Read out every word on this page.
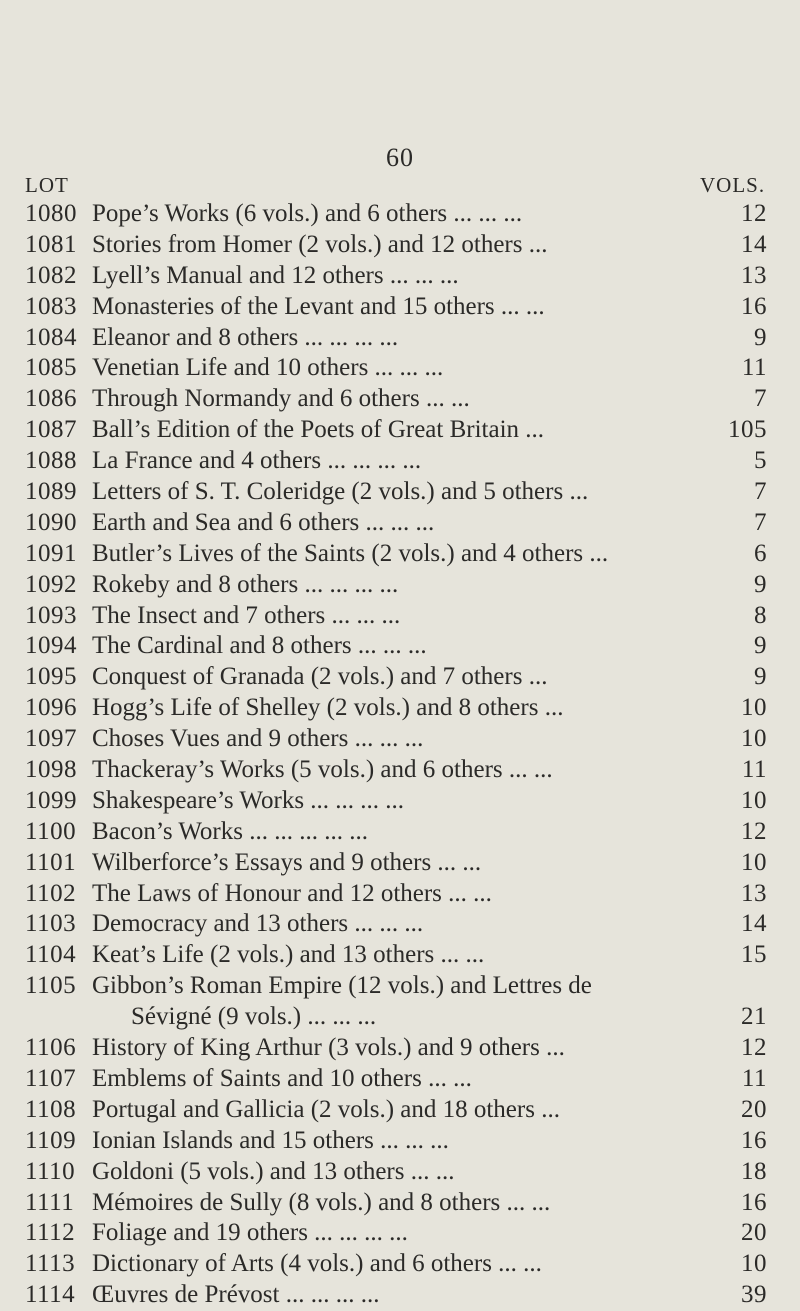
60
LOT	VOLS.
1080 Pope’s Works (6 vols.) and 6 others ... ... ...	12
1081 Stories from Homer (2 vols.) and 12 others ...	14
1082 Lyell’s Manual and 12 others ... ... ...	13
1083 Monasteries of the Levant and 15 others ... ...	16
1084 Eleanor and 8 others ... ... ... ...	9
1085 Venetian Life and 10 others ... ... ...	11
1086 Through Normandy and 6 others ... ...	7
1087 Ball’s Edition of the Poets of Great Britain ...	105
1088 La France and 4 others ... ... ... ...	5
1089 Letters of S. T. Coleridge (2 vols.) and 5 others ...	7
1090 Earth and Sea and 6 others ... ... ...	7
1091 Butler’s Lives of the Saints (2 vols.) and 4 others ...	6
1092 Rokeby and 8 others ... ... ... ...	9
1093 The Insect and 7 others ... ... ...	8
1094 The Cardinal and 8 others ... ... ...	9
1095 Conquest of Granada (2 vols.) and 7 others ...	9
1096 Hogg’s Life of Shelley (2 vols.) and 8 others ...	10
1097 Choses Vues and 9 others ... ... ...	10
1098 Thackeray’s Works (5 vols.) and 6 others ... ...	11
1099 Shakespeare’s Works ... ... ... ...	10
1100 Bacon’s Works ... ... ... ... ...	12
1101 Wilberforce’s Essays and 9 others ... ...	10
1102 The Laws of Honour and 12 others ... ...	13
1103 Democracy and 13 others ... ... ...	14
1104 Keat’s Life (2 vols.) and 13 others ... ...	15
1105 Gibbon’s Roman Empire (12 vols.) and Lettres de
Sévigné (9 vols.) ... ... ...	21
1106 History of King Arthur (3 vols.) and 9 others ...	12
1107 Emblems of Saints and 10 others ... ...	11
1108 Portugal and Gallicia (2 vols.) and 18 others ...	20
1109 Ionian Islands and 15 others ... ... ...	16
1110 Goldoni (5 vols.) and 13 others ... ...	18
1111 Mémoires de Sully (8 vols.) and 8 others ... ...	16
1112 Foliage and 19 others ... ... ... ...	20
1113 Dictionary of Arts (4 vols.) and 6 others ... ...	10
1114 Œuvres de Prévost ... ... ... ...	39
